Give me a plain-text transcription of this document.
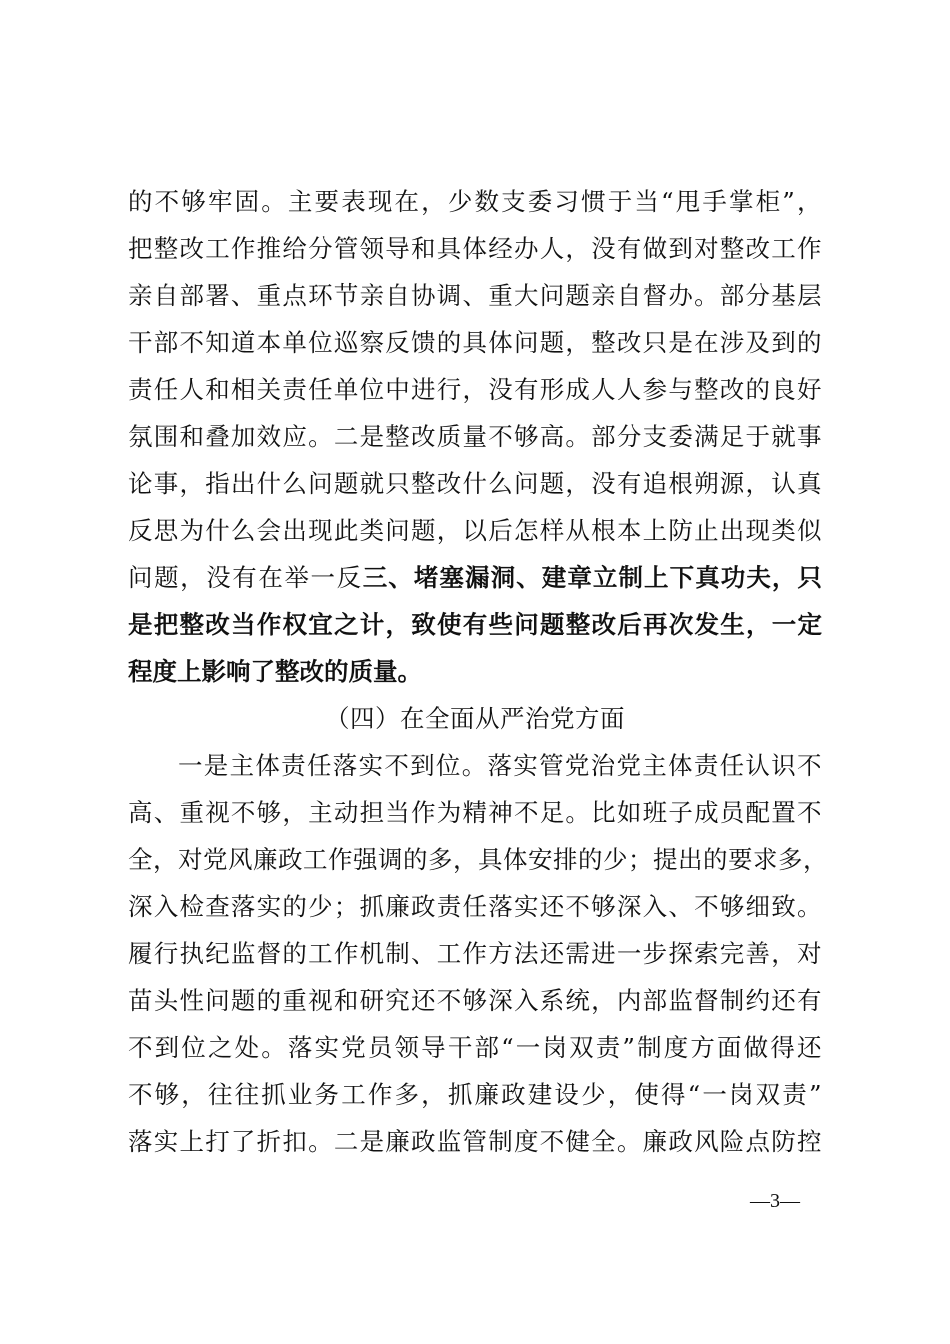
的不够牢固。主要表现在，少数支委习惯于当“甩手掌柜”，
把整改工作推给分管领导和具体经办人，没有做到对整改工作
亲自部署、重点环节亲自协调、重大问题亲自督办。部分基层
干部不知道本单位巡察反馈的具体问题，整改只是在涉及到的
责任人和相关责任单位中进行，没有形成人人参与整改的良好
氛围和叠加效应。二是整改质量不够高。部分支委满足于就事
论事，指出什么问题就只整改什么问题，没有追根朔源，认真
反思为什么会出现此类问题，以后怎样从根本上防止出现类似
问题，没有在举一反三、堵塞漏洞、建章立制上下真功夫，只
是把整改当作权宜之计，致使有些问题整改后再次发生，一定
程度上影响了整改的质量。
（四）在全面从严治党方面
一是主体责任落实不到位。落实管党治党主体责任认识不
高、重视不够，主动担当作为精神不足。比如班子成员配置不
全，对党风廉政工作强调的多，具体安排的少；提出的要求多，
深入检查落实的少；抓廉政责任落实还不够深入、不够细致。
履行执纪监督的工作机制、工作方法还需进一步探索完善，对
苗头性问题的重视和研究还不够深入系统，内部监督制约还有
不到位之处。落实党员领导干部“一岗双责”制度方面做得还
不够，往往抓业务工作多，抓廉政建设少，使得“一岗双责”
落实上打了折扣。二是廉政监管制度不健全。廉政风险点防控
—3—
